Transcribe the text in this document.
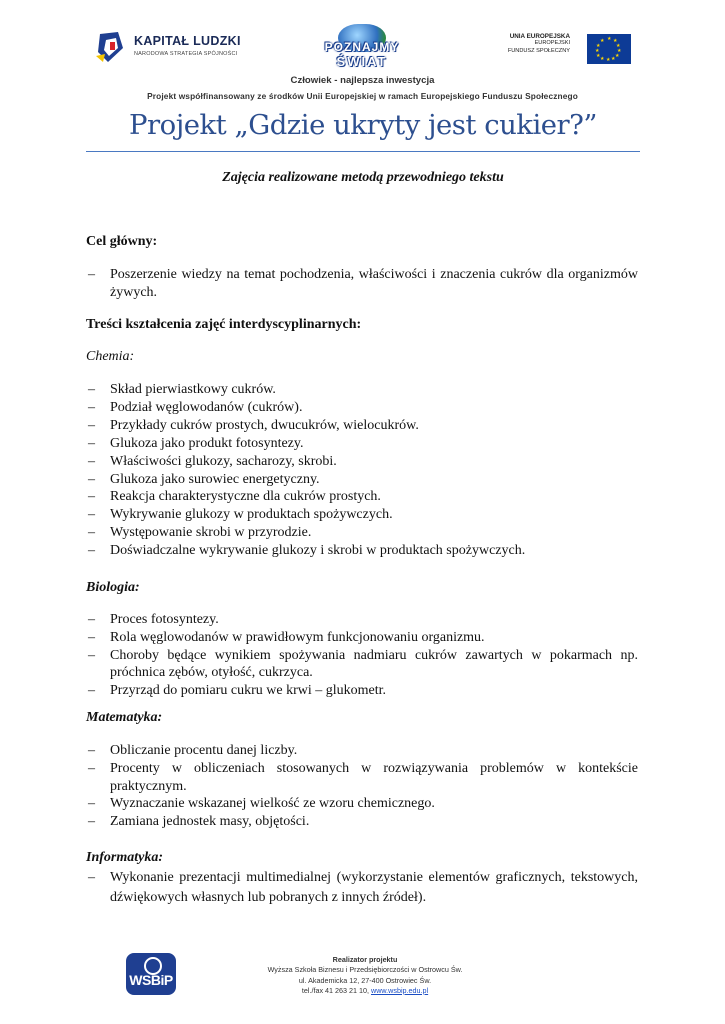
KAPITAŁ LUDZKI
NARODOWA STRATEGIA SPÓJNOŚCI	POZNAJMY
ŚWIAT
UNIA EUROPEJSKA
EUROPEJSKI
FUNDUSZ SPOŁECZNY
★ ★
★
★
★
★
★
★
★
★
★
★
Człowiek - najlepsza inwestycja
Projekt współfinansowany ze środków Unii Europejskiej w ramach Europejskiego Funduszu Społecznego
Projekt „Gdzie ukryty jest cukier?”
Zajęcia realizowane metodą przewodniego tekstu
Cel główny:
– Poszerzenie wiedzy na temat pochodzenia, właściwości i znaczenia cukrów dla organizmów żywych.
Treści kształcenia zajęć interdyscyplinarnych:
Chemia:
– Skład pierwiastkowy cukrów.
– Podział węglowodanów (cukrów).
– Przykłady cukrów prostych, dwucukrów, wielocukrów.
– Glukoza jako produkt fotosyntezy.
– Właściwości glukozy, sacharozy, skrobi.
– Glukoza jako surowiec energetyczny.
– Reakcja charakterystyczne dla cukrów prostych.
– Wykrywanie glukozy w produktach spożywczych.
– Występowanie skrobi w przyrodzie.
– Doświadczalne wykrywanie glukozy i skrobi w produktach spożywczych.
Biologia:
– Proces fotosyntezy.
– Rola węglowodanów w prawidłowym funkcjonowaniu organizmu.
– Choroby będące wynikiem spożywania nadmiaru cukrów zawartych w pokarmach np. próchnica zębów, otyłość, cukrzyca.
– Przyrząd do pomiaru cukru we krwi – glukometr.
Matematyka:
– Obliczanie procentu danej liczby.
– Procenty w obliczeniach stosowanych w rozwiązywania problemów w kontekście praktycznym.
– Wyznaczanie wskazanej wielkość ze wzoru chemicznego.
– Zamiana jednostek masy, objętości.
Informatyka:
– Wykonanie prezentacji multimedialnej (wykorzystanie elementów graficznych, tekstowych, dźwiękowych własnych lub pobranych z innych źródeł).
WSBiP
Realizator projektu
Wyższa Szkoła Biznesu i Przedsiębiorczości w Ostrowcu Św.
ul. Akademicka 12, 27-400 Ostrowiec Św.
tel./fax 41 263 21 10, www.wsbip.edu.pl
